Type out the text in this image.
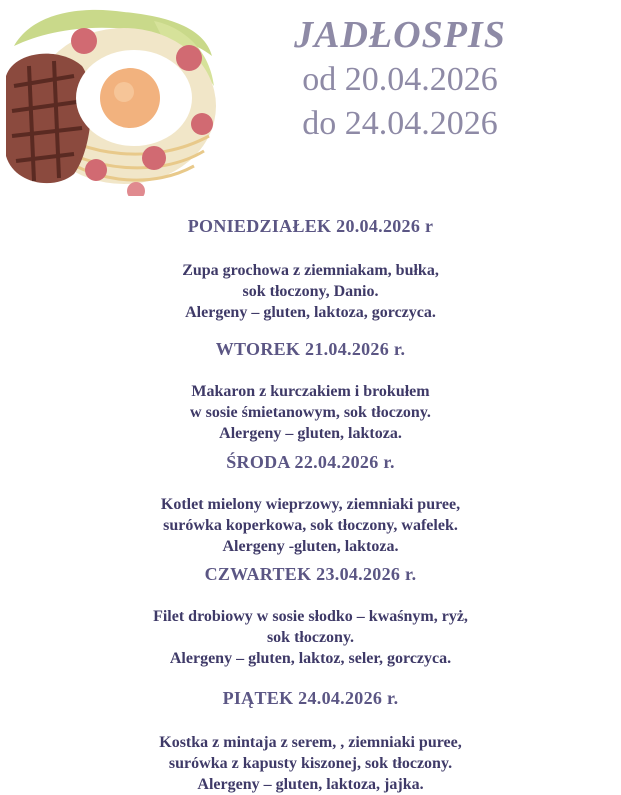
JADŁOSPIS
od 20.04.2026
do 24.04.2026
PONIEDZIAŁEK 20.04.2026 r
Zupa grochowa z ziemniakam, bułka,
sok tłoczony, Danio.
Alergeny – gluten, laktoza, gorczyca.
WTOREK 21.04.2026 r.
Makaron z kurczakiem i brokułem
w sosie śmietanowym, sok tłoczony.
Alergeny – gluten, laktoza.
ŚRODA 22.04.2026 r.
Kotlet mielony wieprzowy, ziemniaki puree,
surówka koperkowa, sok tłoczony, wafelek.
Alergeny -gluten, laktoza.
CZWARTEK 23.04.2026 r.
Filet drobiowy w sosie słodko – kwaśnym, ryż,
sok tłoczony.
Alergeny – gluten, laktoz, seler, gorczyca.
PIĄTEK 24.04.2026 r.
Kostka z mintaja z serem, , ziemniaki puree,
surówka z kapusty kiszonej, sok tłoczony.
Alergeny – gluten, laktoza, jajka.
